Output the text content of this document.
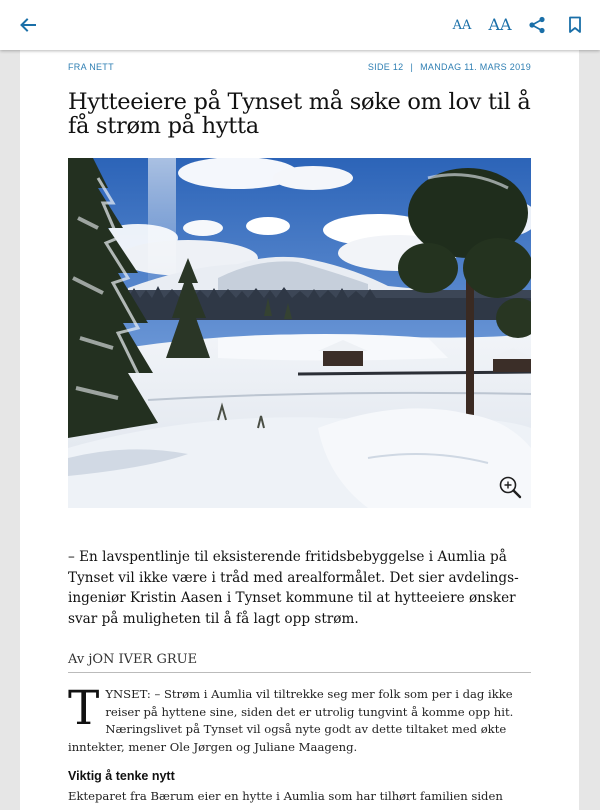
AA AA
FRA NETT	SIDE 12 | MANDAG 11. MARS 2019
Hytteeiere på Tynset må søke om lov til å få strøm på hytta

– En lavspentlinje til eksisterende fritidsbebyggelse i Aumlia på Tynset vil ikke være i tråd med arealformålet. Det sier avdelingsingeniør Kristin Aasen i Tynset kommune til at hytteeiere ønsker svar på muligheten til å få lagt opp strøm.

Av jON IVER GRUE

T YNSET: – Strøm i Aumlia vil tiltrekke seg mer folk som per i dag ikke reiser på hyttene sine, siden det er utrolig tungvint å komme opp hit. Næringslivet på Tynset vil også nyte godt av dette tiltaket med økte inntekter, mener Ole Jørgen og Juliane Maageng.

Viktig å tenke nytt

Ekteparet fra Bærum eier en hytte i Aumlia som har tilhørt familien siden
